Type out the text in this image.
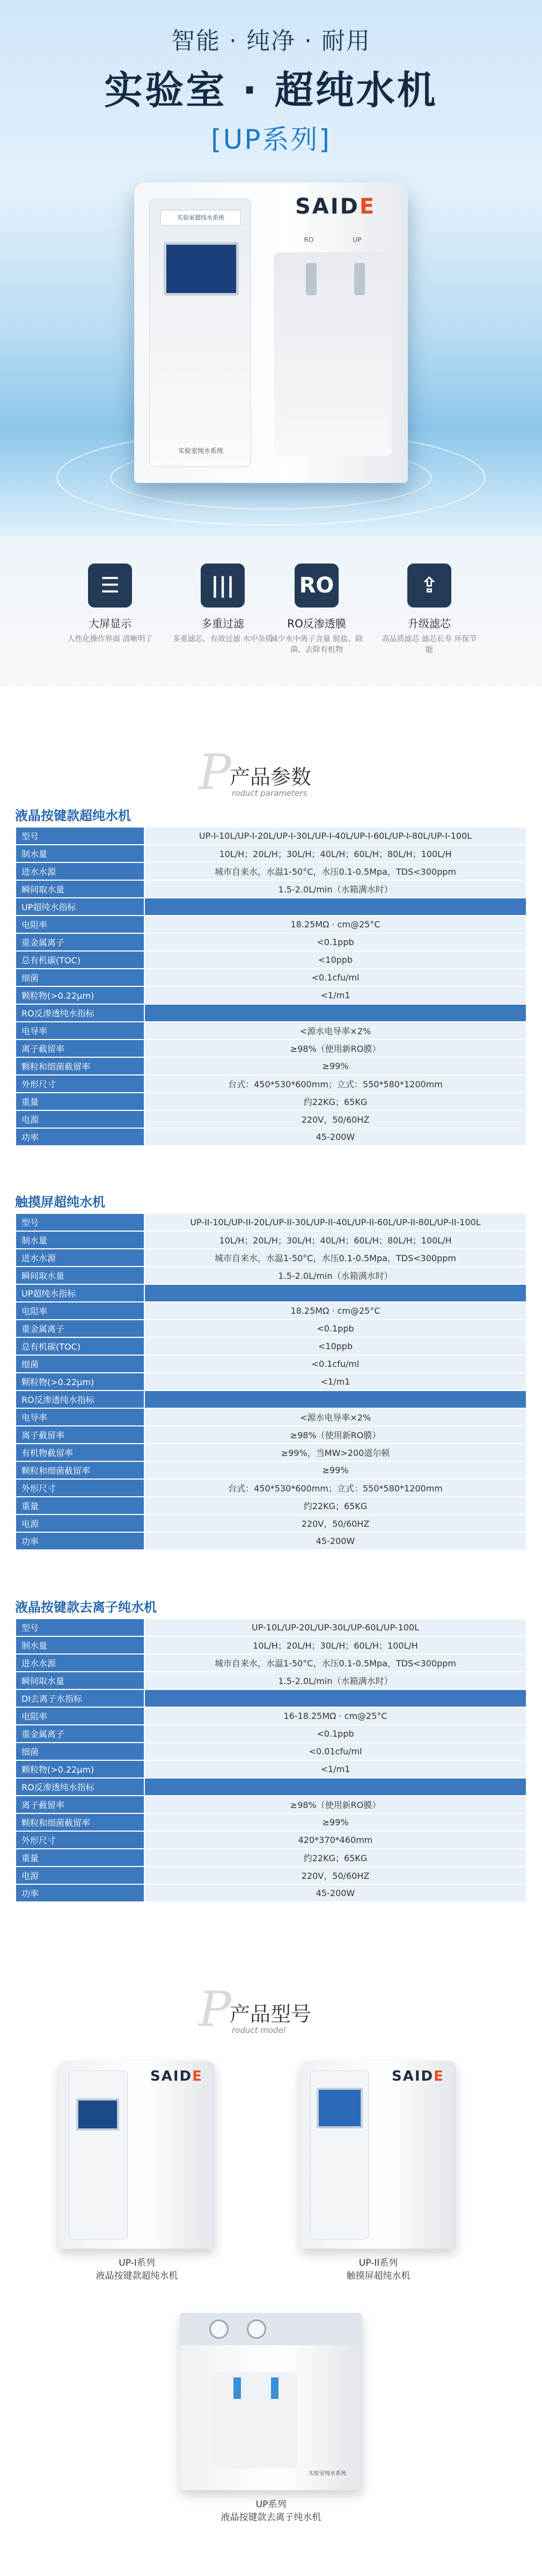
智能 · 纯净 · 耐用
实验室 · 超纯水机
[UP系列]
实验室超纯水系统
实验室纯水系统
SAIDE
RO	UP
☰
大屏显示
人性化操作界面 清晰明了
|||
多重过滤
多重滤芯，有效过滤 水中杂质
RO
RO反渗透膜
减少水中离子含量 脱盐、除菌、去除有机物
⇪
升级滤芯
高品质滤芯 滤芯长寿 环保节能
P
产品参数
roduct parameters
液晶按键款超纯水机
型号	UP-I-10L/UP-I-20L/UP-I-30L/UP-I-40L/UP-I-60L/UP-I-80L/UP-I-100L
制水量	10L/H；20L/H；30L/H；40L/H；60L/H；80L/H；100L/H
进水水源	城市自来水，水温1-50°C，水压0.1-0.5Mpa，TDS<300ppm
瞬间取水量	1.5-2.0L/min（水箱满水时）
UP超纯水指标	
电阻率	18.25MΩ · cm@25°C
重金属离子	<0.1ppb
总有机碳(TOC)	<10ppb
细菌	<0.1cfu/ml
颗粒物(>0.22μm)	<1/m1
RO反渗透纯水指标	
电导率	<源水电导率×2%
离子截留率	≥98%（使用新RO膜）
颗粒和细菌截留率	≥99%
外形尺寸	台式：450*530*600mm；立式：550*580*1200mm
重量	约22KG；65KG
电源	220V，50/60HZ
功率	45-200W
触摸屏超纯水机
型号	UP-II-10L/UP-II-20L/UP-II-30L/UP-II-40L/UP-II-60L/UP-II-80L/UP-II-100L
制水量	10L/H；20L/H；30L/H；40L/H；60L/H；80L/H；100L/H
进水水源	城市自来水，水温1-50°C，水压0.1-0.5Mpa，TDS<300ppm
瞬间取水量	1.5-2.0L/min（水箱满水时）
UP超纯水指标	
电阻率	18.25MΩ · cm@25°C
重金属离子	<0.1ppb
总有机碳(TOC)	<10ppb
细菌	<0.1cfu/ml
颗粒物(>0.22μm)	<1/m1
RO反渗透纯水指标	
电导率	<源水电导率×2%
离子截留率	≥98%（使用新RO膜）
有机物截留率	≥99%，当MW>200道尔顿
颗粒和细菌截留率	≥99%
外形尺寸	台式：450*530*600mm；立式：550*580*1200mm
重量	约22KG；65KG
电源	220V，50/60HZ
功率	45-200W
液晶按键款去离子纯水机
型号	UP-10L/UP-20L/UP-30L/UP-60L/UP-100L
制水量	10L/H；20L/H；30L/H；60L/H；100L/H
进水水源	城市自来水，水温1-50°C，水压0.1-0.5Mpa，TDS<300ppm
瞬间取水量	1.5-2.0L/min（水箱满水时）
DI去离子水指标	
电阻率	16-18.25MΩ · cm@25°C
重金属离子	<0.1ppb
细菌	<0.01cfu/ml
颗粒物(>0.22μm)	<1/m1
RO反渗透纯水指标	
离子截留率	≥98%（使用新RO膜）
颗粒和细菌截留率	≥99%
外形尺寸	420*370*460mm
重量	约22KG；65KG
电源	220V，50/60HZ
功率	45-200W
P
产品型号
roduct model
SAIDE
UP-I系列
液晶按键款超纯水机
SAIDE
UP-II系列
触摸屏超纯水机
实验室纯水系统
UP系列
液晶按键款去离子纯水机
